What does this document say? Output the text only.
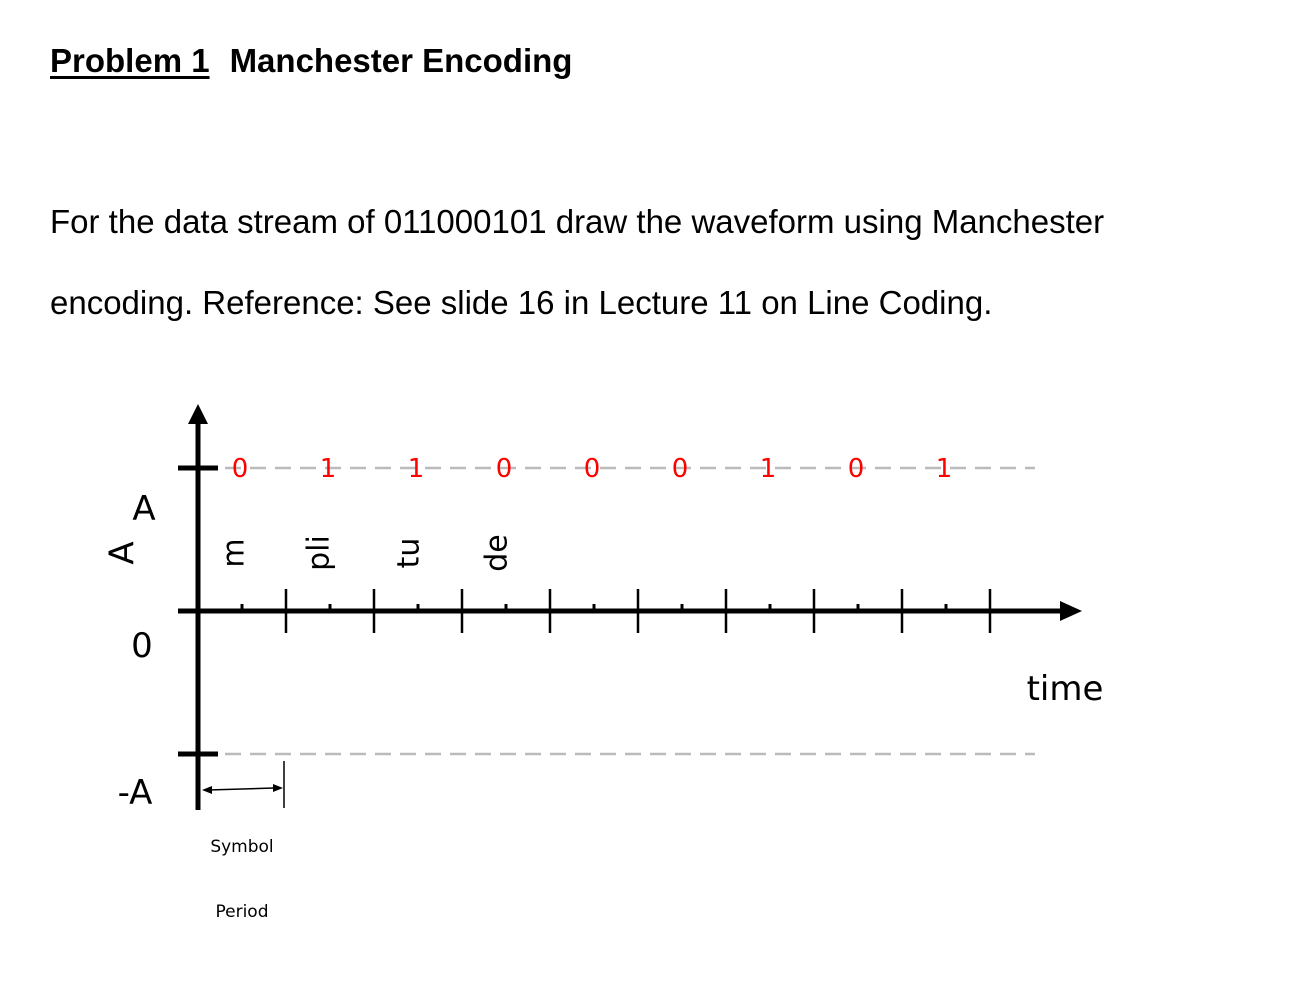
Problem 1 Manchester Encoding
For the data stream of 011000101 draw the waveform using Manchester
encoding. Reference: See slide 16 in Lecture 11 on Line Coding.
0	1	1	0	0	0	1	0	1
m pli tu de
A
A
0
-A
time
Symbol
Period
